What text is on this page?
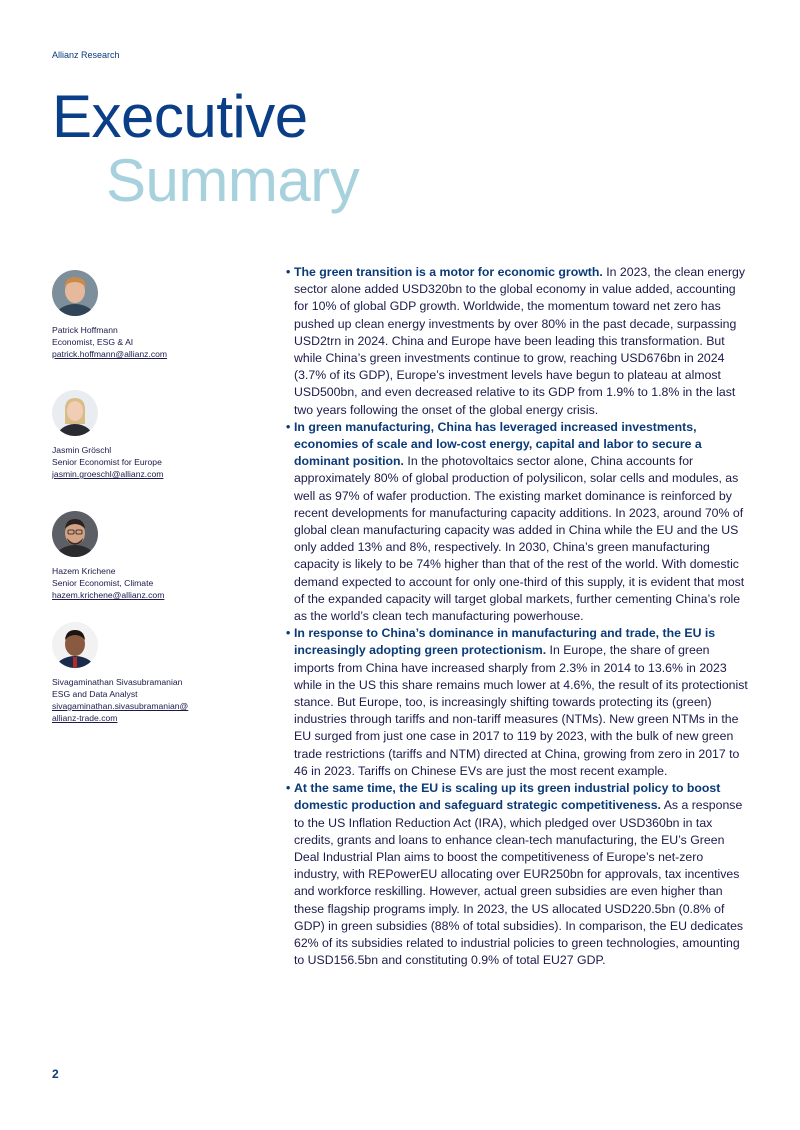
Allianz Research
Executive
Summary
Patrick Hoffmann
Economist, ESG & AI
patrick.hoffmann@allianz.com
Jasmin Gröschl
Senior Economist for Europe
jasmin.groeschl@allianz.com
Hazem Krichene
Senior Economist, Climate
hazem.krichene@allianz.com
Sivagaminathan Sivasubramanian
ESG and Data Analyst
sivagaminathan.sivasubramanian@
allianz-trade.com
• The green transition is a motor for economic growth. In 2023, the clean energy sector alone added USD320bn to the global economy in value added, accounting for 10% of global GDP growth. Worldwide, the momentum toward net zero has pushed up clean energy investments by over 80% in the past decade, surpassing USD2trn in 2024. China and Europe have been leading this transformation. But while China’s green investments continue to grow, reaching USD676bn in 2024 (3.7% of its GDP), Europe’s investment levels have begun to plateau at almost USD500bn, and even decreased relative to its GDP from 1.9% to 1.8% in the last two years following the onset of the global energy crisis.
• In green manufacturing, China has leveraged increased investments, economies of scale and low-cost energy, capital and labor to secure a dominant position. In the photovoltaics sector alone, China accounts for approximately 80% of global production of polysilicon, solar cells and modules, as well as 97% of wafer production. The existing market dominance is reinforced by recent developments for manufacturing capacity additions. In 2023, around 70% of global clean manufacturing capacity was added in China while the EU and the US only added 13% and 8%, respectively. In 2030, China’s green manufacturing capacity is likely to be 74% higher than that of the rest of the world. With domestic demand expected to account for only one-third of this supply, it is evident that most of the expanded capacity will target global markets, further cementing China’s role as the world’s clean tech manufacturing powerhouse.
• In response to China’s dominance in manufacturing and trade, the EU is increasingly adopting green protectionism. In Europe, the share of green imports from China have increased sharply from 2.3% in 2014 to 13.6% in 2023 while in the US this share remains much lower at 4.6%, the result of its protectionist stance. But Europe, too, is increasingly shifting towards protecting its (green) industries through tariffs and non-tariff measures (NTMs). New green NTMs in the EU surged from just one case in 2017 to 119 by 2023, with the bulk of new green trade restrictions (tariffs and NTM) directed at China, growing from zero in 2017 to 46 in 2023. Tariffs on Chinese EVs are just the most recent example.
• At the same time, the EU is scaling up its green industrial policy to boost domestic production and safeguard strategic competitiveness. As a response to the US Inflation Reduction Act (IRA), which pledged over USD360bn in tax credits, grants and loans to enhance clean-tech manufacturing, the EU’s Green Deal Industrial Plan aims to boost the competitiveness of Europe’s net-zero industry, with REPowerEU allocating over EUR250bn for approvals, tax incentives and workforce reskilling. However, actual green subsidies are even higher than these flagship programs imply. In 2023, the US allocated USD220.5bn (0.8% of GDP) in green subsidies (88% of total subsidies). In comparison, the EU dedicates 62% of its subsidies related to industrial policies to green technologies, amounting to USD156.5bn and constituting 0.9% of total EU27 GDP.
2
